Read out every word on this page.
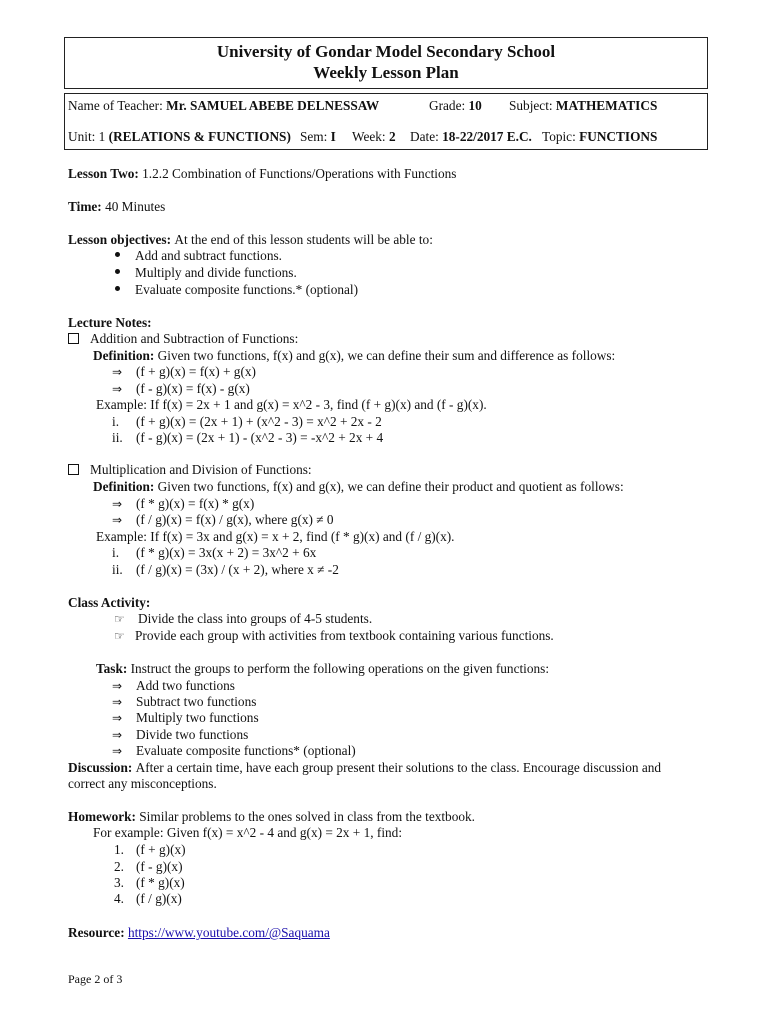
University of Gondar Model Secondary School
Weekly Lesson Plan
Name of Teacher: Mr. SAMUEL ABEBE DELNESSAW	Grade: 10 Subject: MATHEMATICS
Unit: 1 (RELATIONS & FUNCTIONS) Sem: I Week: 2 Date: 18-22/2017 E.C. Topic: FUNCTIONS
Lesson Two: 1.2.2 Combination of Functions/Operations with Functions
Time: 40 Minutes
Lesson objectives: At the end of this lesson students will be able to:
Add and subtract functions.
Multiply and divide functions.
Evaluate composite functions.* (optional)
Lecture Notes:
Addition and Subtraction of Functions:
Definition: Given two functions, f(x) and g(x), we can define their sum and difference as follows:
⇒ (f + g)(x) = f(x) + g(x)
⇒ (f - g)(x) = f(x) - g(x)
Example: If f(x) = 2x + 1 and g(x) = x^2 - 3, find (f + g)(x) and (f - g)(x).
i. (f + g)(x) = (2x + 1) + (x^2 - 3) = x^2 + 2x - 2
ii. (f - g)(x) = (2x + 1) - (x^2 - 3) = -x^2 + 2x + 4
Multiplication and Division of Functions:
Definition: Given two functions, f(x) and g(x), we can define their product and quotient as follows:
⇒ (f * g)(x) = f(x) * g(x)
⇒ (f / g)(x) = f(x) / g(x), where g(x) ≠ 0
Example: If f(x) = 3x and g(x) = x + 2, find (f * g)(x) and (f / g)(x).
i. (f * g)(x) = 3x(x + 2) = 3x^2 + 6x
ii. (f / g)(x) = (3x) / (x + 2), where x ≠ -2
Class Activity:
☞ Divide the class into groups of 4-5 students.
☞ Provide each group with activities from textbook containing various functions.
Task: Instruct the groups to perform the following operations on the given functions:
⇒ Add two functions
⇒ Subtract two functions
⇒ Multiply two functions
⇒ Divide two functions
⇒ Evaluate composite functions* (optional)
Discussion: After a certain time, have each group present their solutions to the class. Encourage discussion and
correct any misconceptions.
Homework: Similar problems to the ones solved in class from the textbook.
For example: Given f(x) = x^2 - 4 and g(x) = 2x + 1, find:
1. (f + g)(x)
2. (f - g)(x)
3. (f * g)(x)
4. (f / g)(x)
Resource: https://www.youtube.com/@Saquama
Page 2 of 3
